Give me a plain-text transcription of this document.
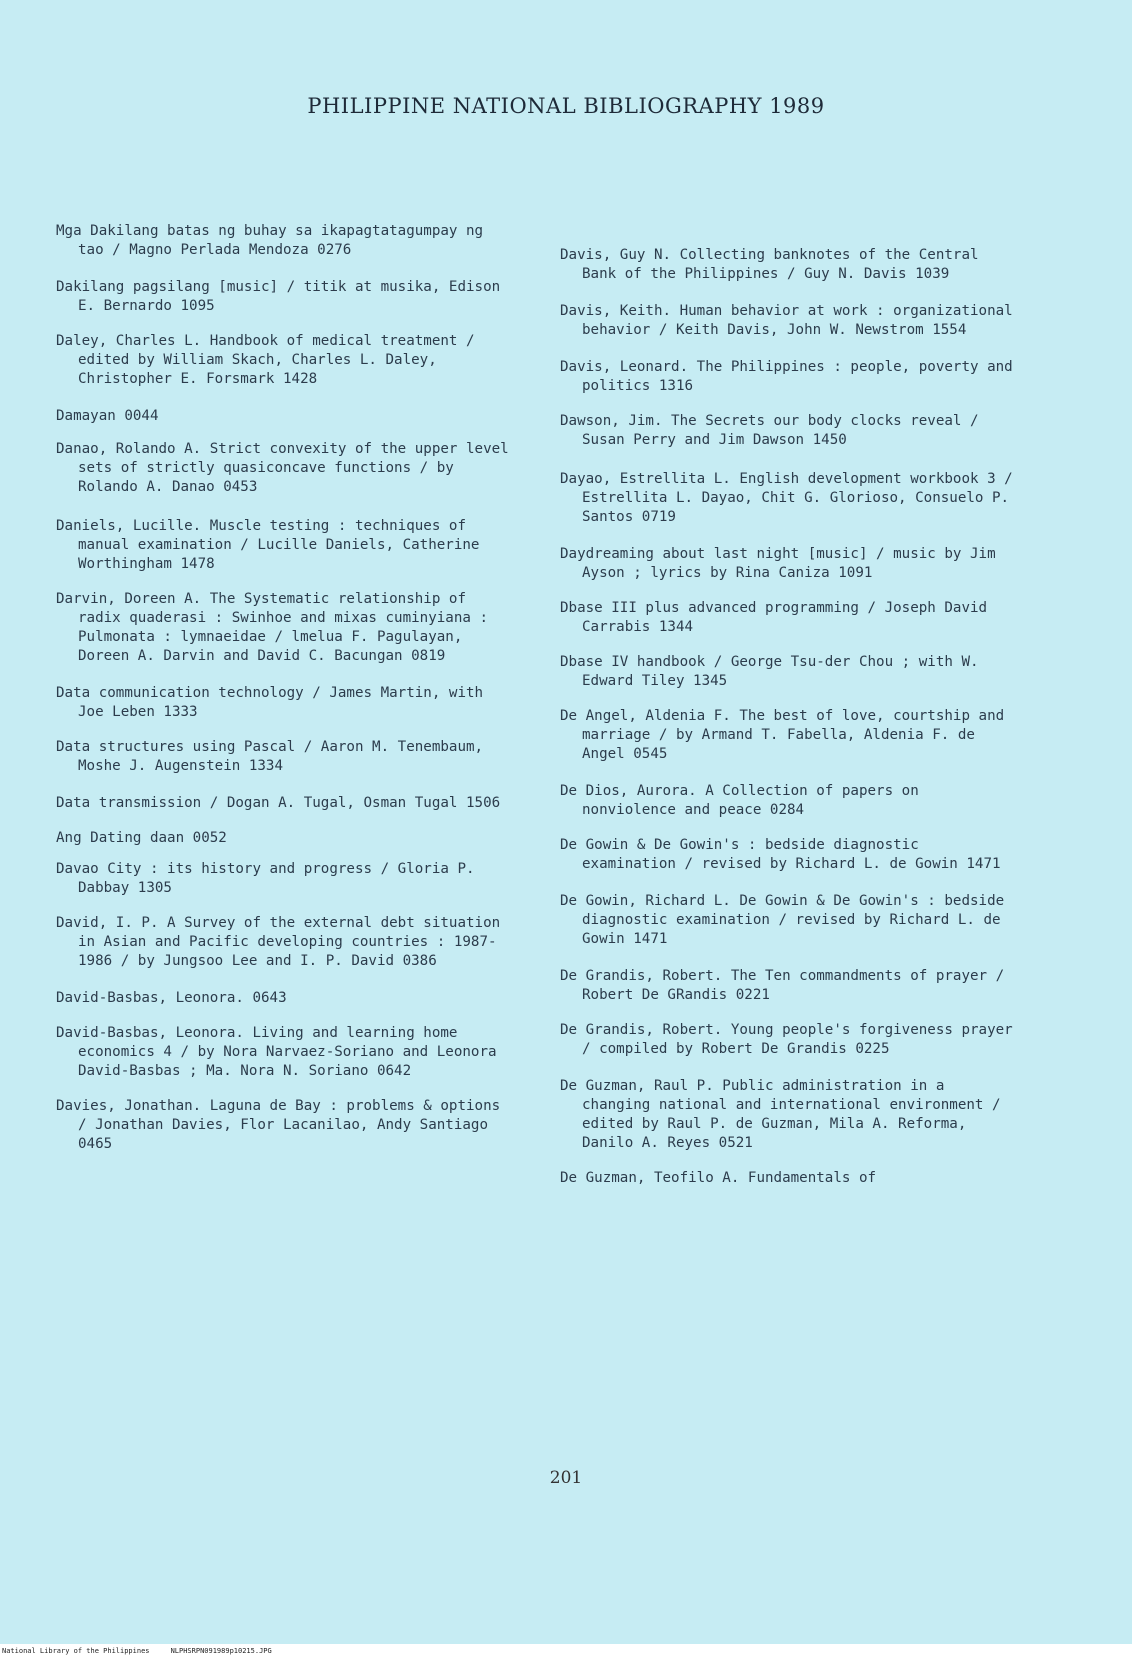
PHILIPPINE NATIONAL BIBLIOGRAPHY 1989
Mga Dakilang batas ng buhay sa ikapagtatagumpay ng tao / Magno Perlada Mendoza 0276
Dakilang pagsilang [music] / titik at musika, Edison E. Bernardo 1095
Daley, Charles L. Handbook of medical treatment / edited by William Skach, Charles L. Daley, Christopher E. Forsmark 1428
Damayan 0044
Danao, Rolando A. Strict convexity of the upper level sets of strictly quasiconcave functions / by Rolando A. Danao 0453
Daniels, Lucille. Muscle testing : techniques of manual examination / Lucille Daniels, Catherine Worthingham 1478
Darvin, Doreen A. The Systematic relationship of radix quaderasi : Swinhoe and mixas cuminyiana : Pulmonata : lymnaeidae / lmelua F. Pagulayan, Doreen A. Darvin and David C. Bacungan 0819
Data communication technology / James Martin, with Joe Leben 1333
Data structures using Pascal / Aaron M. Tenembaum, Moshe J. Augenstein 1334
Data transmission / Dogan A. Tugal, Osman Tugal 1506
Ang Dating daan 0052
Davao City : its history and progress / Gloria P. Dabbay 1305
David, I. P. A Survey of the external debt situation in Asian and Pacific developing countries : 1987-1986 / by Jungsoo Lee and I. P. David 0386
David-Basbas, Leonora. 0643
David-Basbas, Leonora. Living and learning home economics 4 / by Nora Narvaez-Soriano and Leonora David-Basbas ; Ma. Nora N. Soriano 0642
Davies, Jonathan. Laguna de Bay : problems & options / Jonathan Davies, Flor Lacanilao, Andy Santiago 0465
Davis, Guy N. Collecting banknotes of the Central Bank of the Philippines / Guy N. Davis 1039
Davis, Keith. Human behavior at work : organizational behavior / Keith Davis, John W. Newstrom 1554
Davis, Leonard. The Philippines : people, poverty and politics 1316
Dawson, Jim. The Secrets our body clocks reveal / Susan Perry and Jim Dawson 1450
Dayao, Estrellita L. English development workbook 3 / Estrellita L. Dayao, Chit G. Glorioso, Consuelo P. Santos 0719
Daydreaming about last night [music] / music by Jim Ayson ; lyrics by Rina Caniza 1091
Dbase III plus advanced programming / Joseph David Carrabis 1344
Dbase IV handbook / George Tsu-der Chou ; with W. Edward Tiley 1345
De Angel, Aldenia F. The best of love, courtship and marriage / by Armand T. Fabella, Aldenia F. de Angel 0545
De Dios, Aurora. A Collection of papers on nonviolence and peace 0284
De Gowin & De Gowin's : bedside diagnostic examination / revised by Richard L. de Gowin 1471
De Gowin, Richard L. De Gowin & De Gowin's : bedside diagnostic examination / revised by Richard L. de Gowin 1471
De Grandis, Robert. The Ten commandments of prayer / Robert De GRandis 0221
De Grandis, Robert. Young people's forgiveness prayer / compiled by Robert De Grandis 0225
De Guzman, Raul P. Public administration in a changing national and international environment / edited by Raul P. de Guzman, Mila A. Reforma, Danilo A. Reyes 0521
De Guzman, Teofilo A. Fundamentals of
201
National Library of the Philippines     NLPHSRPN091989p10215.JPG
